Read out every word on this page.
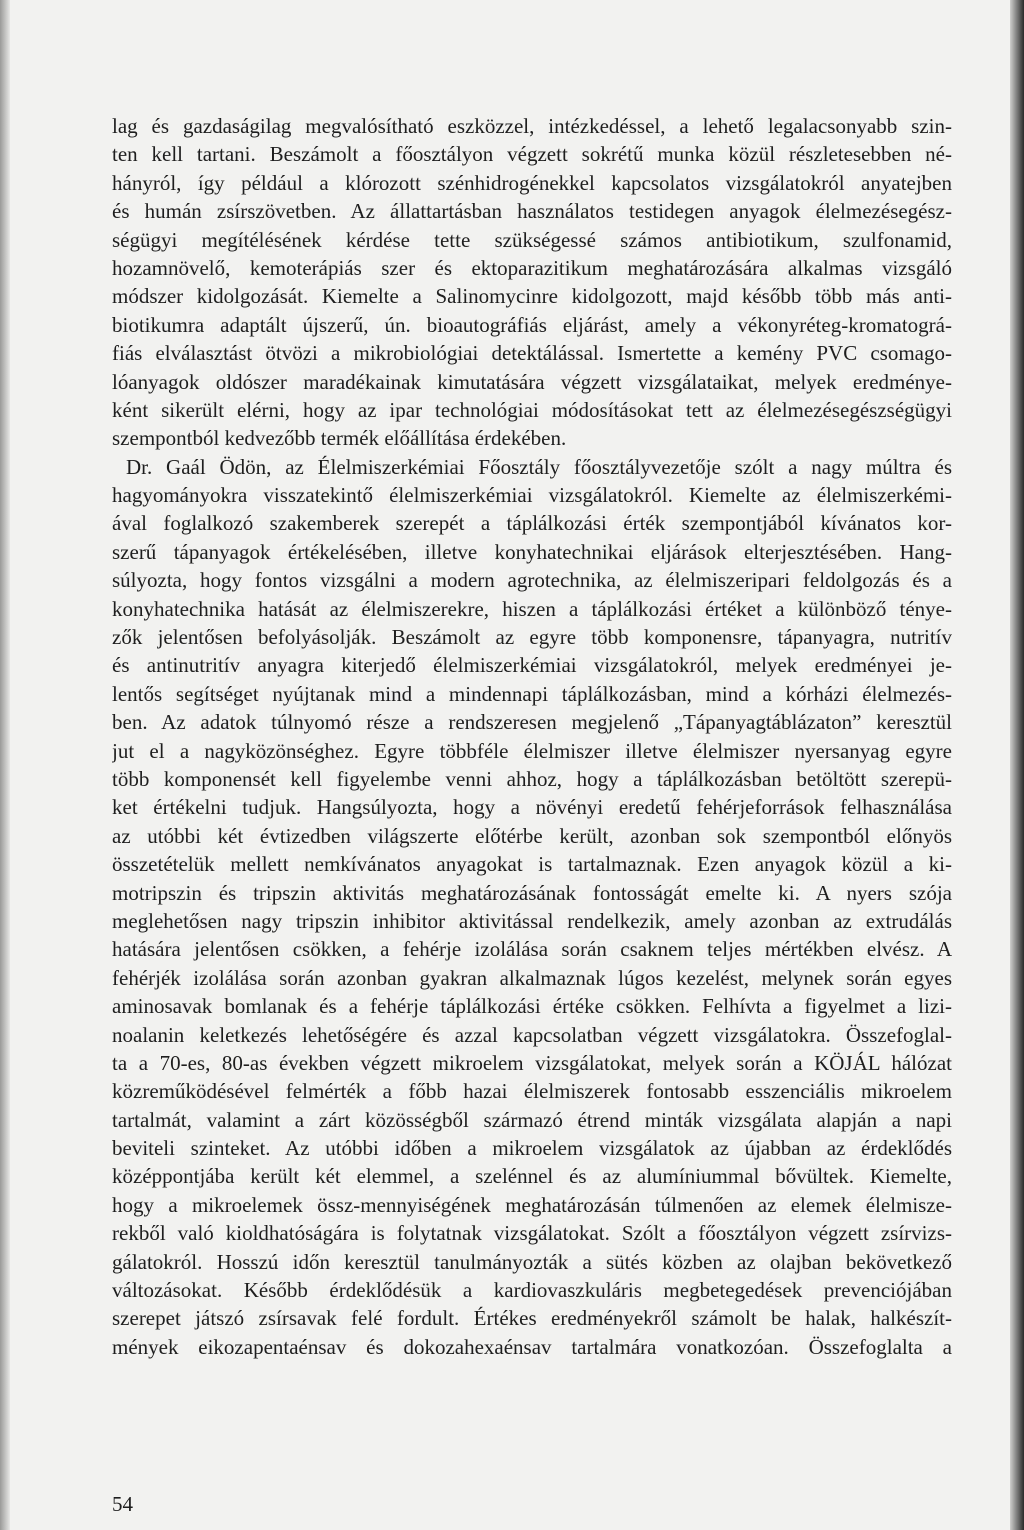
lag és gazdaságilag megvalósítható eszközzel, intézkedéssel, a lehető legalacsonyabb szin-
ten kell tartani. Beszámolt a főosztályon végzett sokrétű munka közül részletesebben né-
hányról, így például a klórozott szénhidrogénekkel kapcsolatos vizsgálatokról anyatejben
és humán zsírszövetben. Az állattartásban használatos testidegen anyagok élelmezésegész-
ségügyi megítélésének kérdése tette szükségessé számos antibiotikum, szulfonamid,
hozamnövelő, kemoterápiás szer és ektoparazitikum meghatározására alkalmas vizsgáló
módszer kidolgozását. Kiemelte a Salinomycinre kidolgozott, majd később több más anti-
biotikumra adaptált újszerű, ún. bioautográfiás eljárást, amely a vékonyréteg-kromatográ-
fiás elválasztást ötvözi a mikrobiológiai detektálással. Ismertette a kemény PVC csomago-
lóanyagok oldószer maradékainak kimutatására végzett vizsgálataikat, melyek eredménye-
ként sikerült elérni, hogy az ipar technológiai módosításokat tett az élelmezésegészségügyi
szempontból kedvezőbb termék előállítása érdekében.
Dr. Gaál Ödön, az Élelmiszerkémiai Főosztály főosztályvezetője szólt a nagy múltra és
hagyományokra visszatekintő élelmiszerkémiai vizsgálatokról. Kiemelte az élelmiszerkémi-
ával foglalkozó szakemberek szerepét a táplálkozási érték szempontjából kívánatos kor-
szerű tápanyagok értékelésében, illetve konyhatechnikai eljárások elterjesztésében. Hang-
súlyozta, hogy fontos vizsgálni a modern agrotechnika, az élelmiszeripari feldolgozás és a
konyhatechnika hatását az élelmiszerekre, hiszen a táplálkozási értéket a különböző ténye-
zők jelentősen befolyásolják. Beszámolt az egyre több komponensre, tápanyagra, nutritív
és antinutritív anyagra kiterjedő élelmiszerkémiai vizsgálatokról, melyek eredményei je-
lentős segítséget nyújtanak mind a mindennapi táplálkozásban, mind a kórházi élelmezés-
ben. Az adatok túlnyomó része a rendszeresen megjelenő „Tápanyagtáblázaton” keresztül
jut el a nagyközönséghez. Egyre többféle élelmiszer illetve élelmiszer nyersanyag egyre
több komponensét kell figyelembe venni ahhoz, hogy a táplálkozásban betöltött szerepü-
ket értékelni tudjuk. Hangsúlyozta, hogy a növényi eredetű fehérjeforrások felhasználása
az utóbbi két évtizedben világszerte előtérbe került, azonban sok szempontból előnyös
összetételük mellett nemkívánatos anyagokat is tartalmaznak. Ezen anyagok közül a ki-
motripszin és tripszin aktivitás meghatározásának fontosságát emelte ki. A nyers szója
meglehetősen nagy tripszin inhibitor aktivitással rendelkezik, amely azonban az extrudálás
hatására jelentősen csökken, a fehérje izolálása során csaknem teljes mértékben elvész. A
fehérjék izolálása során azonban gyakran alkalmaznak lúgos kezelést, melynek során egyes
aminosavak bomlanak és a fehérje táplálkozási értéke csökken. Felhívta a figyelmet a lizi-
noalanin keletkezés lehetőségére és azzal kapcsolatban végzett vizsgálatokra. Összefoglal-
ta a 70-es, 80-as években végzett mikroelem vizsgálatokat, melyek során a KÖJÁL hálózat
közreműködésével felmérték a főbb hazai élelmiszerek fontosabb esszenciális mikroelem
tartalmát, valamint a zárt közösségből származó étrend minták vizsgálata alapján a napi
beviteli szinteket. Az utóbbi időben a mikroelem vizsgálatok az újabban az érdeklődés
középpontjába került két elemmel, a szelénnel és az alumíniummal bővültek. Kiemelte,
hogy a mikroelemek össz-mennyiségének meghatározásán túlmenően az elemek élelmisze-
rekből való kioldhatóságára is folytatnak vizsgálatokat. Szólt a főosztályon végzett zsírvizs-
gálatokról. Hosszú időn keresztül tanulmányozták a sütés közben az olajban bekövetkező
változásokat. Később érdeklődésük a kardiovaszkuláris megbetegedések prevenciójában
szerepet játszó zsírsavak felé fordult. Értékes eredményekről számolt be halak, halkészít-
mények eikozapentaénsav és dokozahexaénsav tartalmára vonatkozóan. Összefoglalta a
54
